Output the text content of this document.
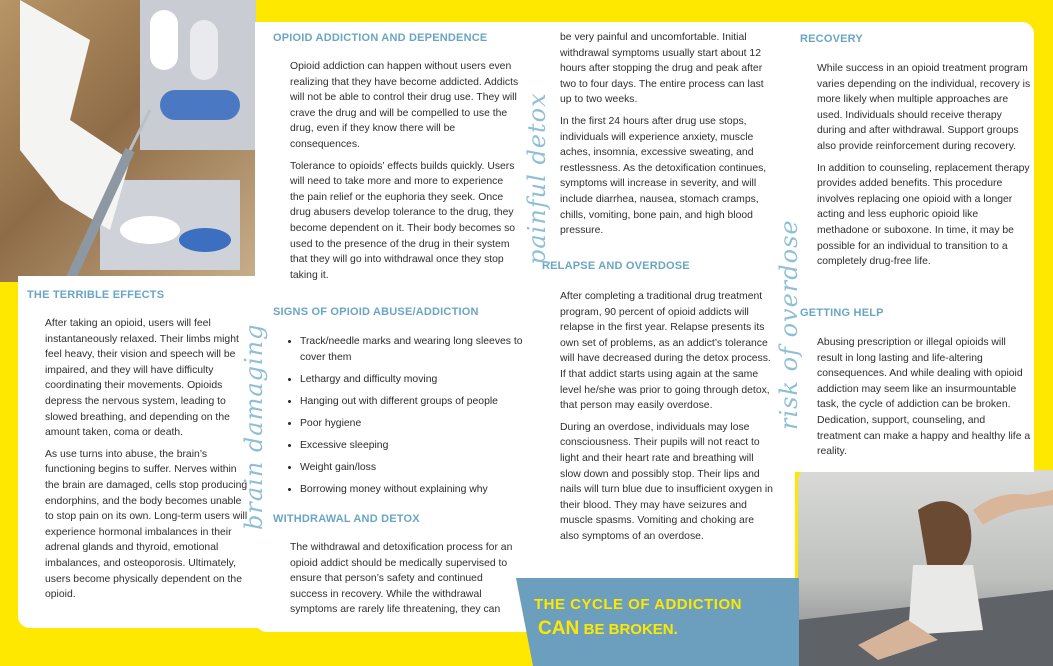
THE TERRIBLE EFFECTS

After taking an opioid, users will feel instantaneously relaxed. Their limbs might feel heavy, their vision and speech will be impaired, and they will have difficulty coordinating their movements. Opioids depress the nervous system, leading to slowed breathing, and depending on the amount taken, coma or death.

As use turns into abuse, the brain’s functioning begins to suffer. Nerves within the brain are damaged, cells stop producing endorphins, and the body becomes unable to stop pain on its own. Long-term users will experience hormonal imbalances in their adrenal glands and thyroid, emotional imbalances, and osteoporosis. Ultimately, users become physically dependent on the opioid.

OPIOID ADDICTION AND DEPENDENCE

Opioid addiction can happen without users even realizing that they have become addicted. Addicts will not be able to control their drug use. They will crave the drug and will be compelled to use the drug, even if they know there will be consequences.

Tolerance to opioids’ effects builds quickly. Users will need to take more and more to experience the pain relief or the euphoria they seek. Once drug abusers develop tolerance to the drug, they become dependent on it. Their body becomes so used to the presence of the drug in their system that they will go into withdrawal once they stop taking it.

SIGNS OF OPIOID ABUSE/ADDICTION
• Track/needle marks and wearing long sleeves to cover them
• Lethargy and difficulty moving
• Hanging out with different groups of people
• Poor hygiene
• Excessive sleeping
• Weight gain/loss
• Borrowing money without explaining why
WITHDRAWAL AND DETOX

The withdrawal and detoxification process for an opioid addict should be medically supervised to ensure that person’s safety and continued success in recovery. While the withdrawal symptoms are rarely life threatening, they can

be very painful and uncomfortable. Initial withdrawal symptoms usually start about 12 hours after stopping the drug and peak after two to four days. The entire process can last up to two weeks.

In the first 24 hours after drug use stops, individuals will experience anxiety, muscle aches, insomnia, excessive sweating, and restlessness. As the detoxification continues, symptoms will increase in severity, and will include diarrhea, nausea, stomach cramps, chills, vomiting, bone pain, and high blood pressure.

RELAPSE AND OVERDOSE

After completing a traditional drug treatment program, 90 percent of opioid addicts will relapse in the first year. Relapse presents its own set of problems, as an addict’s tolerance will have decreased during the detox process. If that addict starts using again at the same level he/she was prior to going through detox, that person may easily overdose.

During an overdose, individuals may lose consciousness. Their pupils will not react to light and their heart rate and breathing will slow down and possibly stop. Their lips and nails will turn blue due to insufficient oxygen in their blood. They may have seizures and muscle spasms. Vomiting and choking are also symptoms of an overdose.

RECOVERY

While success in an opioid treatment program varies depending on the individual, recovery is more likely when multiple approaches are used. Individuals should receive therapy during and after withdrawal. Support groups also provide reinforcement during recovery.

In addition to counseling, replacement therapy provides added benefits. This procedure involves replacing one opioid with a longer acting and less euphoric opioid like methadone or suboxone. In time, it may be possible for an individual to transition to a completely drug-free life.

GETTING HELP

Abusing prescription or illegal opioids will result in long lasting and life-altering consequences. And while dealing with opioid addiction may seem like an insurmountable task, the cycle of addiction can be broken. Dedication, support, counseling, and treatment can make a happy and healthy life a reality.

brain damaging
painful detox
risk of overdose
THE CYCLE OF ADDICTION
CAN BE BROKEN.
